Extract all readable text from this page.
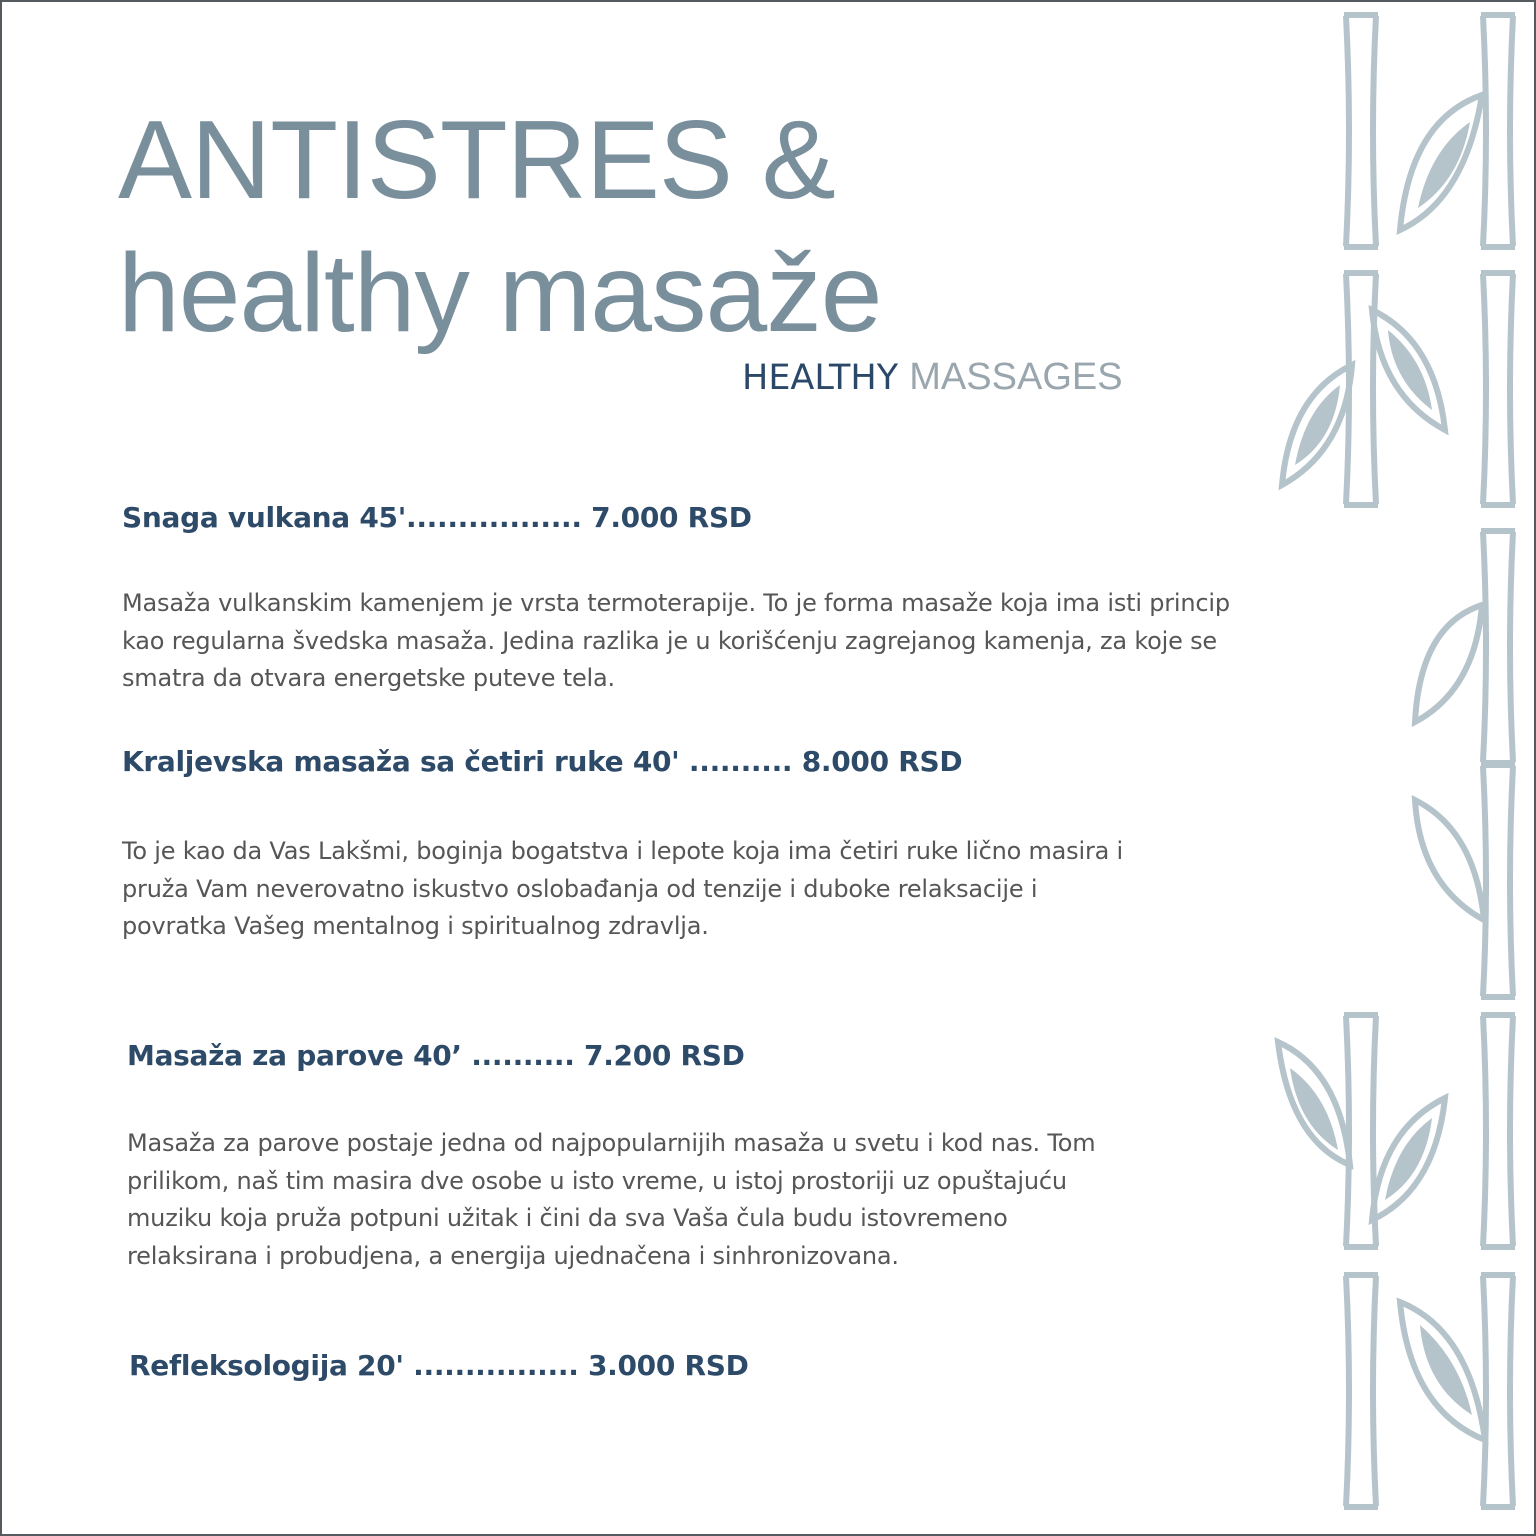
ANTISTRES &
healthy masaže
HEALTHY MASSAGES
Snaga vulkana 45'................. 7.000 RSD
Masaža vulkanskim kamenjem je vrsta termoterapije. To je forma masaže koja ima isti princip
kao regularna švedska masaža. Jedina razlika je u korišćenju zagrejanog kamenja, za koje se
smatra da otvara energetske puteve tela.
Kraljevska masaža sa četiri ruke 40' .......... 8.000 RSD
To je kao da Vas Lakšmi, boginja bogatstva i lepote koja ima četiri ruke lično masira i
pruža Vam neverovatno iskustvo oslobađanja od tenzije i duboke relaksacije i
povratka Vašeg mentalnog i spiritualnog zdravlja.
Masaža za parove 40’ .......... 7.200 RSD
Masaža za parove postaje jedna od najpopularnijih masaža u svetu i kod nas. Tom
prilikom, naš tim masira dve osobe u isto vreme, u istoj prostoriji uz opuštajuću
muziku koja pruža potpuni užitak i čini da sva Vaša čula budu istovremeno
relaksirana i probudjena, a energija ujednačena i sinhronizovana.
Refleksologija 20' ................ 3.000 RSD
